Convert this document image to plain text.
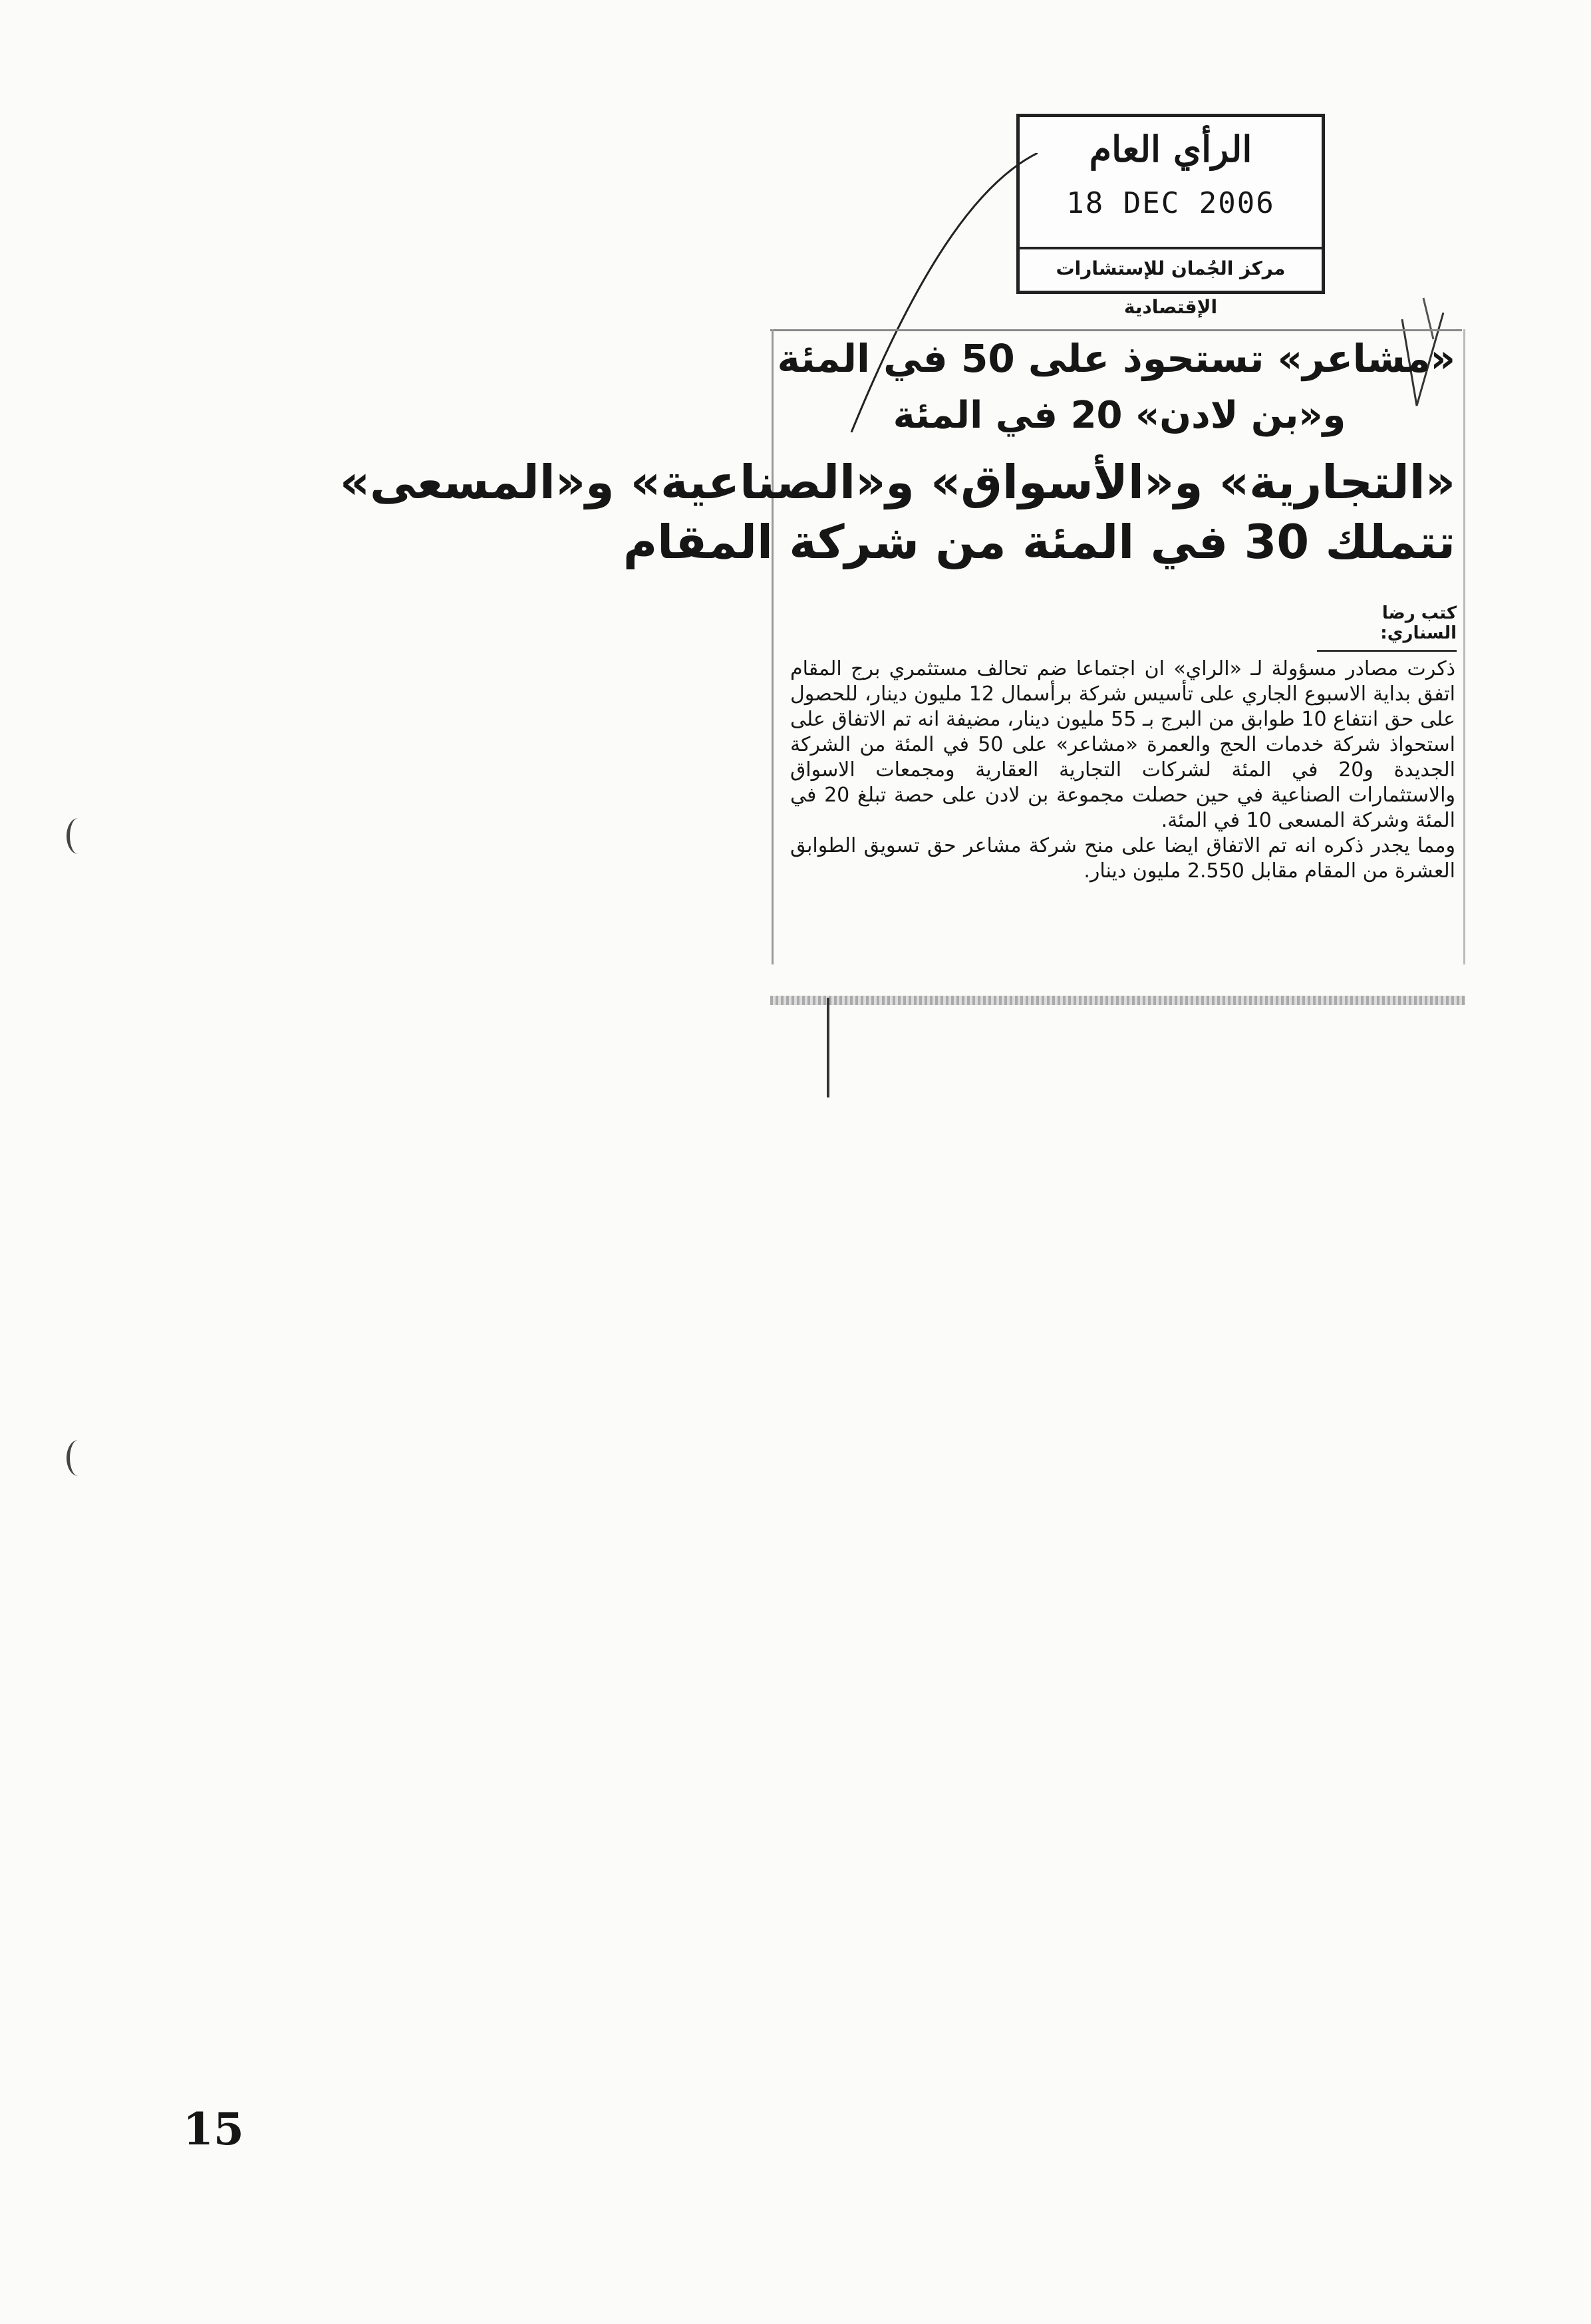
الرأي العام
18 DEC 2006
مركز الجُمان للإستشارات الإقتصادية
«مشاعر» تستحوذ على 50 في المئة
و«بن لادن» 20 في المئة
«التجارية» و«الأسواق» و«الصناعية» و«المسعى»
تتملك 30 في المئة من شركة المقام
كتب رضا السناري:

ذكرت مصادر مسؤولة لـ «الراي» ان اجتماعا ضم تحالف مستثمري برج المقام اتفق بداية الاسبوع الجاري على تأسيس شركة برأسمال 12 مليون دينار، للحصول على حق انتفاع 10 طوابق من البرج بـ 55 مليون دينار، مضيفة انه تم الاتفاق على استحواذ شركة خدمات الحج والعمرة «مشاعر» على 50 في المئة من الشركة الجديدة و20 في المئة لشركات التجارية العقارية ومجمعات الاسواق والاستثمارات الصناعية في حين حصلت مجموعة بن لادن على حصة تبلغ 20 في المئة وشركة المسعى 10 في المئة.

ومما يجدر ذكره انه تم الاتفاق ايضا على منح شركة مشاعر حق تسويق الطوابق العشرة من المقام مقابل 2.550 مليون دينار.

15
